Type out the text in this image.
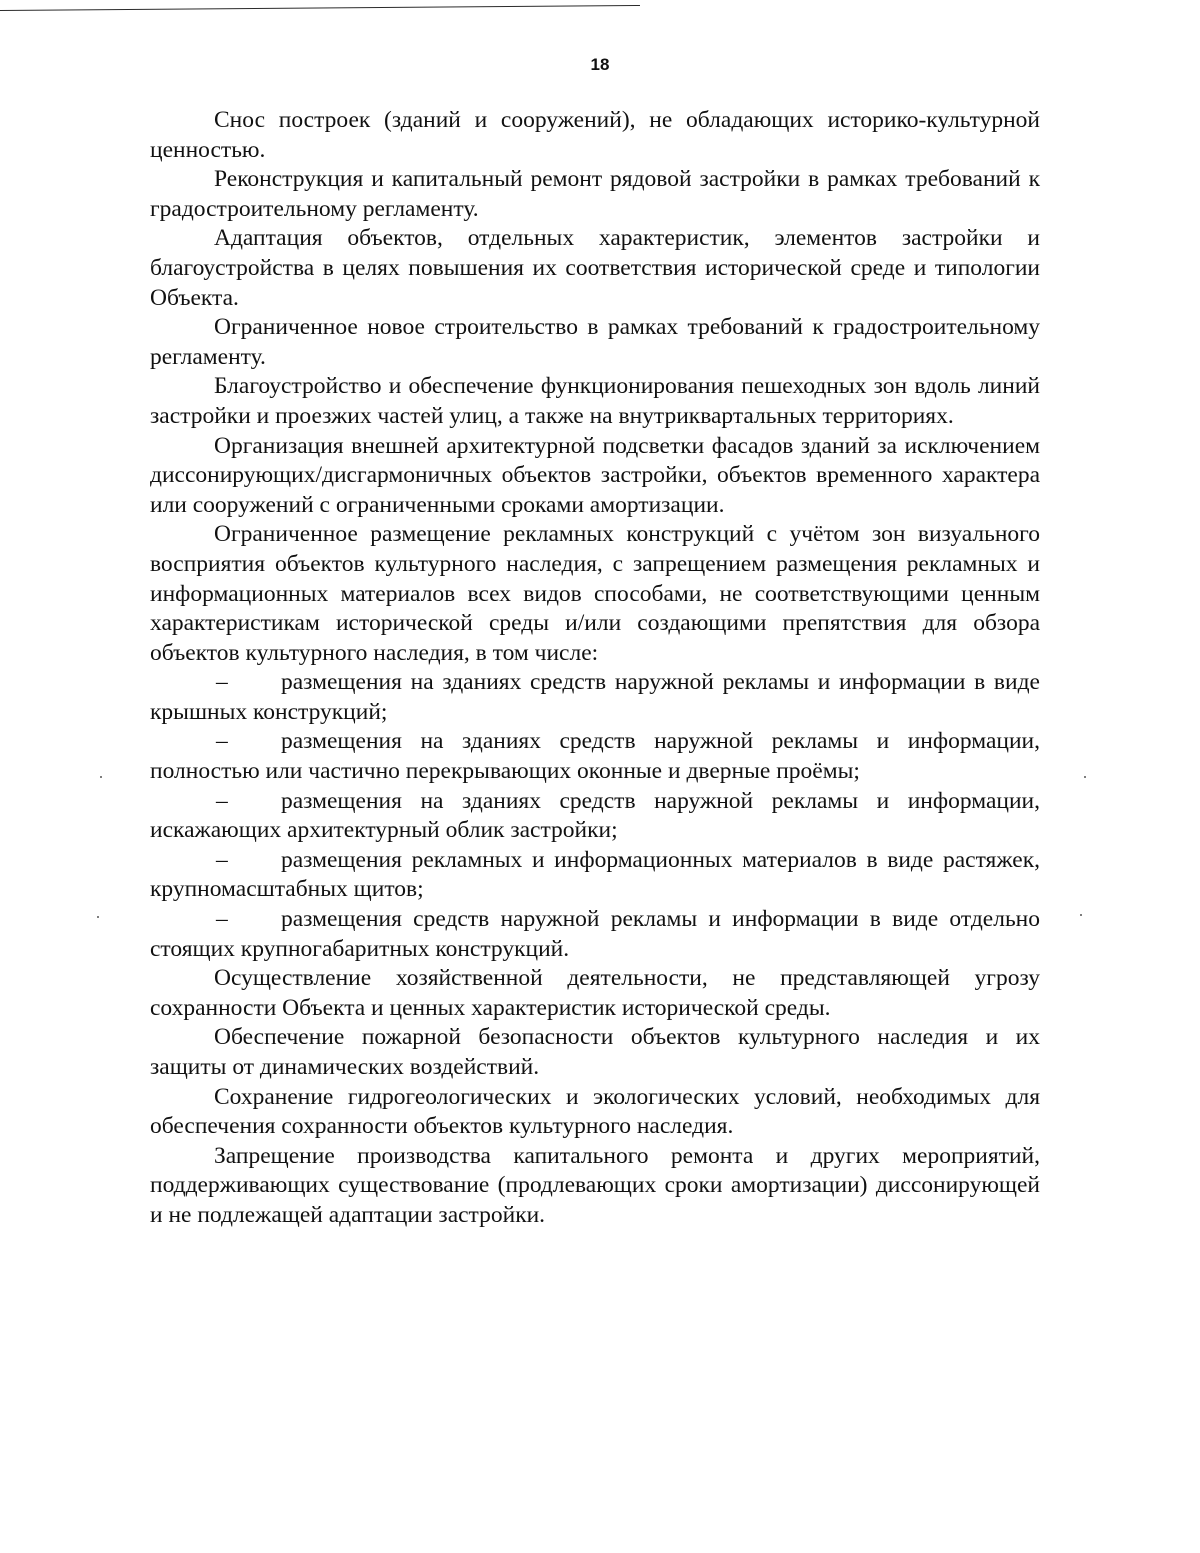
18

Снос построек (зданий и сооружений), не обладающих историко-культурной ценностью.

Реконструкция и капитальный ремонт рядовой застройки в рамках требований к градостроительному регламенту.

Адаптация объектов, отдельных характеристик, элементов застройки и благоустройства в целях повышения их соответствия исторической среде и типологии Объекта.

Ограниченное новое строительство в рамках требований к градостроительному регламенту.

Благоустройство и обеспечение функционирования пешеходных зон вдоль линий застройки и проезжих частей улиц, а также на внутриквартальных территориях.

Организация внешней архитектурной подсветки фасадов зданий за исключением диссонирующих/дисгармоничных объектов застройки, объектов временного характера или сооружений с ограниченными сроками амортизации.

Ограниченное размещение рекламных конструкций с учётом зон визуального восприятия объектов культурного наследия, с запрещением размещения рекламных и информационных материалов всех видов способами, не соответствующими ценным характеристикам исторической среды и/или создающими препятствия для обзора объектов культурного наследия, в том числе:

– размещения на зданиях средств наружной рекламы и информации в виде крышных конструкций;

– размещения на зданиях средств наружной рекламы и информации, полностью или частично перекрывающих оконные и дверные проёмы;

– размещения на зданиях средств наружной рекламы и информации, искажающих архитектурный облик застройки;

– размещения рекламных и информационных материалов в виде растяжек, крупномасштабных щитов;

– размещения средств наружной рекламы и информации в виде отдельно стоящих крупногабаритных конструкций.

Осуществление хозяйственной деятельности, не представляющей угрозу сохранности Объекта и ценных характеристик исторической среды.

Обеспечение пожарной безопасности объектов культурного наследия и их защиты от динамических воздействий.

Сохранение гидрогеологических и экологических условий, необходимых для обеспечения сохранности объектов культурного наследия.

Запрещение производства капитального ремонта и других мероприятий, поддерживающих существование (продлевающих сроки амортизации) диссонирующей и не подлежащей адаптации застройки.
